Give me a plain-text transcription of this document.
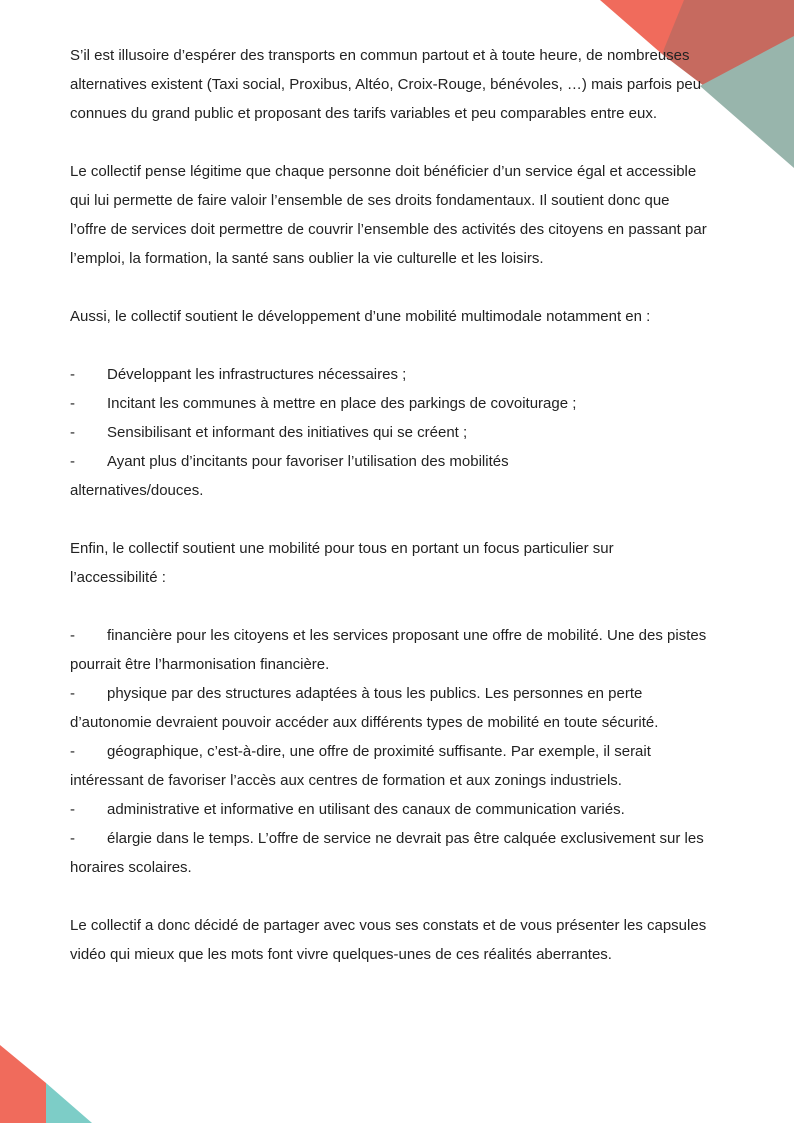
S’il est illusoire d’espérer des transports en commun partout et à toute heure, de nombreuses alternatives existent (Taxi social, Proxibus, Altéo, Croix-Rouge, bénévoles, …) mais parfois peu connues du grand public et proposant des tarifs variables et peu comparables entre eux.

Le collectif pense légitime que chaque personne doit bénéficier d’un service égal et accessible qui lui permette de faire valoir l’ensemble de ses droits fondamentaux. Il soutient donc que l’offre de services doit permettre de couvrir l’ensemble des activités des citoyens en passant par l’emploi, la formation, la santé sans oublier la vie culturelle et les loisirs.

Aussi, le collectif soutient le développement d’une mobilité multimodale notamment en :

- Développant les infrastructures nécessaires ;
- Incitant les communes à mettre en place des parkings de covoiturage ;
- Sensibilisant et informant des initiatives qui se créent ;
- Ayant plus d’incitants pour favoriser l’utilisation des mobilités alternatives/douces.

Enfin, le collectif soutient une mobilité pour tous en portant un focus particulier sur l’accessibilité :

- financière pour les citoyens et les services proposant une offre de mobilité. Une des pistes pourrait être l’harmonisation financière.
- physique par des structures adaptées à tous les publics. Les personnes en perte d’autonomie devraient pouvoir accéder aux différents types de mobilité en toute sécurité.
- géographique, c’est-à-dire, une offre de proximité suffisante. Par exemple, il serait intéressant de favoriser l’accès aux centres de formation et aux zonings industriels.
- administrative et informative en utilisant des canaux de communication variés.
- élargie dans le temps. L’offre de service ne devrait pas être calquée exclusivement sur les horaires scolaires.

Le collectif a donc décidé de partager avec vous ses constats et de vous présenter les capsules vidéo qui mieux que les mots font vivre quelques-unes de ces réalités aberrantes.
